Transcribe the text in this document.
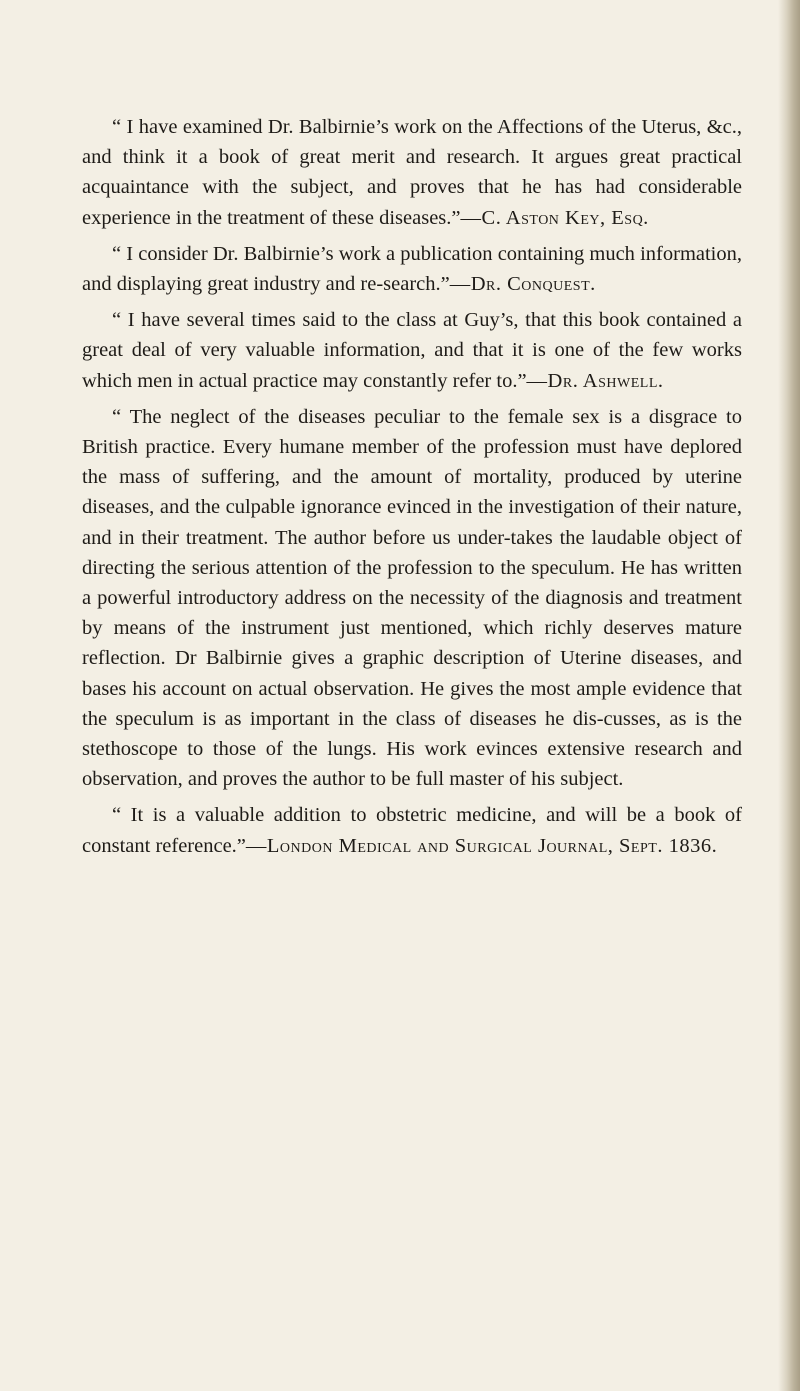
“ I have examined Dr. Balbirnie’s work on the Affections of the Uterus, &c., and think it a book of great merit and research. It argues great practical acquaintance with the subject, and proves that he has had considerable experience in the treatment of these diseases.”—C. Aston Key, Esq.

“ I consider Dr. Balbirnie’s work a publication containing much information, and displaying great industry and re-search.”—Dr. Conquest.

“ I have several times said to the class at Guy’s, that this book contained a great deal of very valuable information, and that it is one of the few works which men in actual practice may constantly refer to.”—Dr. Ashwell.

“ The neglect of the diseases peculiar to the female sex is a disgrace to British practice. Every humane member of the profession must have deplored the mass of suffering, and the amount of mortality, produced by uterine diseases, and the culpable ignorance evinced in the investigation of their nature, and in their treatment. The author before us under-takes the laudable object of directing the serious attention of the profession to the speculum. He has written a powerful introductory address on the necessity of the diagnosis and treatment by means of the instrument just mentioned, which richly deserves mature reflection. Dr Balbirnie gives a graphic description of Uterine diseases, and bases his account on actual observation. He gives the most ample evidence that the speculum is as important in the class of diseases he dis-cusses, as is the stethoscope to those of the lungs. His work evinces extensive research and observation, and proves the author to be full master of his subject.

“ It is a valuable addition to obstetric medicine, and will be a book of constant reference.”—London Medical and Surgical Journal, Sept. 1836.
